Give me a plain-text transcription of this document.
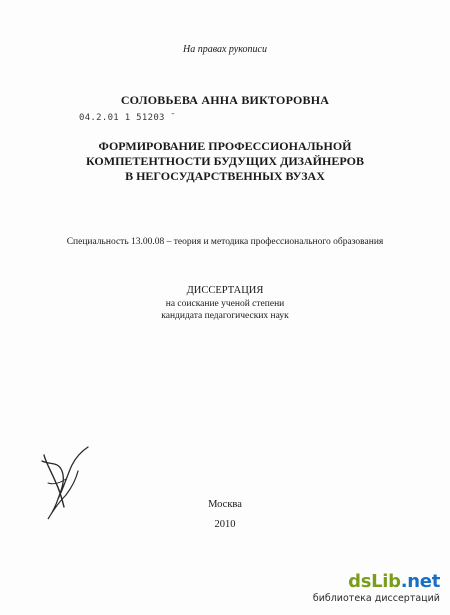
На правах рукописи
СОЛОВЬЕВА АННА ВИКТОРОВНА
04.2.01 1 51203 ̄
ФОРМИРОВАНИЕ ПРОФЕССИОНАЛЬНОЙ
КОМПЕТЕНТНОСТИ БУДУЩИХ ДИЗАЙНЕРОВ
В НЕГОСУДАРСТВЕННЫХ ВУЗАХ
Специальность 13.00.08 – теория и методика профессионального образования
ДИССЕРТАЦИЯ
на соискание ученой степени
кандидата педагогических наук
Москва
2010
dsLib.net
библиотека диссертаций
